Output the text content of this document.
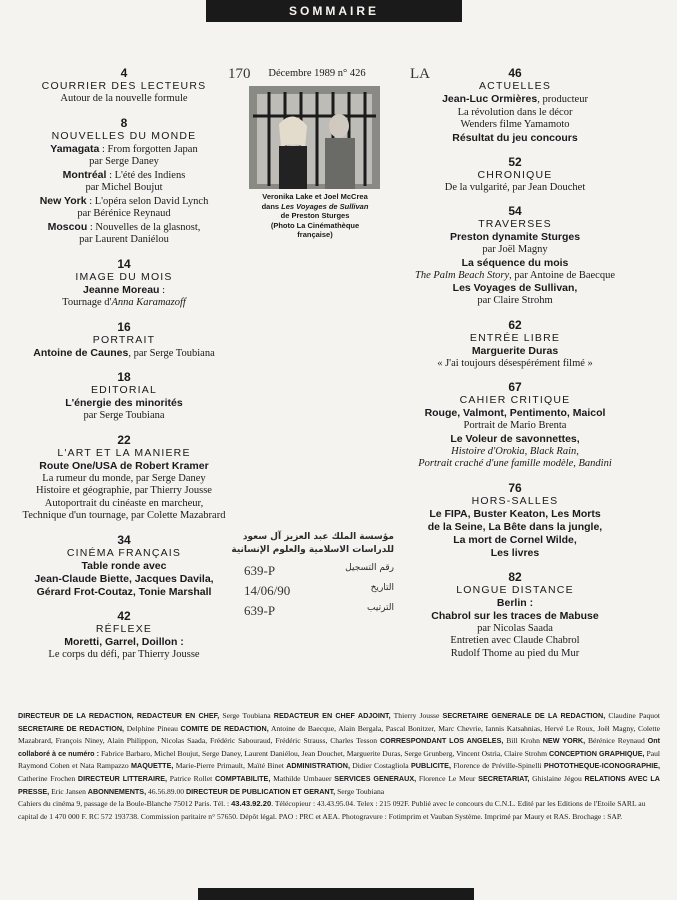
SOMMAIRE
170	LA
Décembre 1989 n° 426
Veronika Lake et Joel McCrea
dans Les Voyages de Sullivan
de Preston Sturges
(Photo La Cinémathèque
française)
4
COURRIER DES LECTEURS
Autour de la nouvelle formule
8
NOUVELLES DU MONDE
Yamagata : From forgotten Japan
par Serge Daney
Montréal : L'été des Indiens
par Michel Boujut
New York : L'opéra selon David Lynch
par Bérénice Reynaud
Moscou : Nouvelles de la glasnost,
par Laurent Daniélou
14
IMAGE DU MOIS
Jeanne Moreau :
Tournage d'Anna Karamazoff
16
PORTRAIT
Antoine de Caunes, par Serge Toubiana
18
EDITORIAL
L'énergie des minorités
par Serge Toubiana
22
L'ART ET LA MANIERE
Route One/USA de Robert Kramer
La rumeur du monde, par Serge Daney
Histoire et géographie, par Thierry Jousse
Autoportrait du cinéaste en marcheur,
Technique d'un tournage, par Colette Mazabrard
34
CINÉMA FRANÇAIS
Table ronde avec
Jean-Claude Biette, Jacques Davila,
Gérard Frot-Coutaz, Tonie Marshall
42
RÉFLEXE
Moretti, Garrel, Doillon :
Le corps du défi, par Thierry Jousse
46
ACTUELLES
Jean-Luc Ormières, producteur
La révolution dans le décor
Wenders filme Yamamoto
Résultat du jeu concours
52
CHRONIQUE
De la vulgarité, par Jean Douchet
54
TRAVERSES
Preston dynamite Sturges
par Joël Magny
La séquence du mois
The Palm Beach Story, par Antoine de Baecque
Les Voyages de Sullivan,
par Claire Strohm
62
ENTRÉE LIBRE
Marguerite Duras
« J'ai toujours désespérément filmé »
67
CAHIER CRITIQUE
Rouge, Valmont, Pentimento, Maicol
Portrait de Mario Brenta
Le Voleur de savonnettes,
Histoire d'Orokia, Black Rain,
Portrait craché d'une famille modèle, Bandini
76
HORS-SALLES
Le FIPA, Buster Keaton, Les Morts
de la Seine, La Bête dans la jungle,
La mort de Cornel Wilde,
Les livres
82
LONGUE DISTANCE
Berlin :
Chabrol sur les traces de Mabuse
par Nicolas Saada
Entretien avec Claude Chabrol
Rudolf Thome au pied du Mur
مؤسسة الملك عبد العزيز آل سعود
للدراسات الاسلامية والعلوم الإنسانية
رقم التسجيل
639-P
التاريخ
14/06/90
الترتيب
639-P
DIRECTEUR DE LA REDACTION, REDACTEUR EN CHEF, Serge Toubiana REDACTEUR EN CHEF ADJOINT, Thierry Jousse SECRETAIRE GENERALE DE LA REDACTION, Claudine Paquot SECRETAIRE DE REDACTION, Delphine Pineau COMITE DE REDACTION, Antoine de Baecque, Alain Bergala, Pascal Bonitzer, Marc Chevrie, Iannis Katsahnias, Hervé Le Roux, Joël Magny, Colette Mazabrard, François Niney, Alain Philippon, Nicolas Saada, Frédéric Sabouraud, Frédéric Strauss, Charles Tesson CORRESPONDANT LOS ANGELES, Bill Krohn NEW YORK, Bérénice Reynaud Ont collaboré à ce numéro : Fabrice Barbaro, Michel Boujut, Serge Daney, Laurent Daniélou, Jean Douchet, Marguerite Duras, Serge Grunberg, Vincent Ostria, Claire Strohm CONCEPTION GRAPHIQUE, Paul Raymond Cohen et Nata Rampazzo MAQUETTE, Marie-Pierre Primault, Maïté Binet ADMINISTRATION, Didier Costagliola PUBLICITE, Florence de Préville-Spinelli PHOTOTHEQUE-ICONOGRAPHIE, Catherine Frochen DIRECTEUR LITTERAIRE, Patrice Rollet COMPTABILITE, Mathilde Umbauer SERVICES GENERAUX, Florence Le Meur SECRETARIAT, Ghislaine Jégou RELATIONS AVEC LA PRESSE, Eric Jansen ABONNEMENTS, 46.56.89.00 DIRECTEUR DE PUBLICATION ET GERANT, Serge Toubiana
Cahiers du cinéma 9, passage de la Boule-Blanche 75012 Paris. Tél. : 43.43.92.20. Télécopieur : 43.43.95.04. Telex : 215 092F. Publié avec le concours du C.N.L. Edité par les Editions de l'Etoile SARL au capital de 1 470 000 F. RC 572 193738. Commission paritaire n° 57650. Dépôt légal. PAO : PRC et AEA. Photogravure : Fotimprim et Vauban Système. Imprimé par Maury et RAS. Brochage : SAP.
